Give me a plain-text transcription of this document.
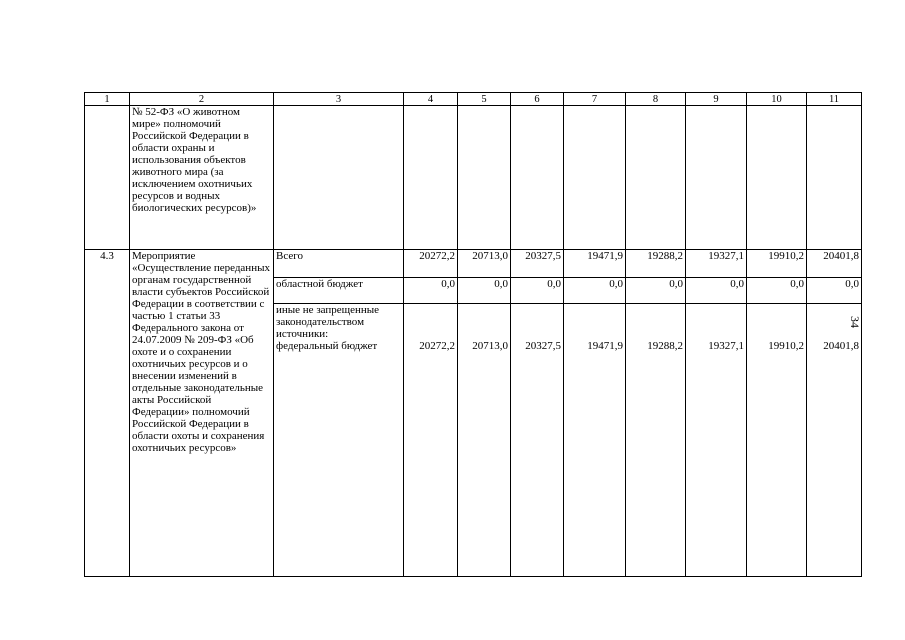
1	2	3	4	5	6	7	8	9	10	11
	№ 52-ФЗ «О животном мире» полномочий Российской Федерации в области охраны и использования объектов животного мира (за исключением охотничьих ресурсов и водных биологических ресурсов)»									
4.3	Мероприятие «Осуществление переданных органам государственной власти субъектов Российской Федерации в соответствии с частью 1 статьи 33 Федерального закона от 24.07.2009 № 209-ФЗ «Об охоте и о сохранении охотничьих ресурсов и о внесении изменений в отдельные законодательные акты Российской Федерации» полномочий Российской Федерации в области охоты и сохранения охотничьих ресурсов»	Всего	20272,2	20713,0	20327,5	19471,9	19288,2	19327,1	19910,2	20401,8
		областной бюджет	0,0	0,0	0,0	0,0	0,0	0,0	0,0	0,0
		иные не запрещенные законодательством источники:								
		федеральный бюджет	20272,2	20713,0	20327,5	19471,9	19288,2	19327,1	19910,2	20401,8
34
